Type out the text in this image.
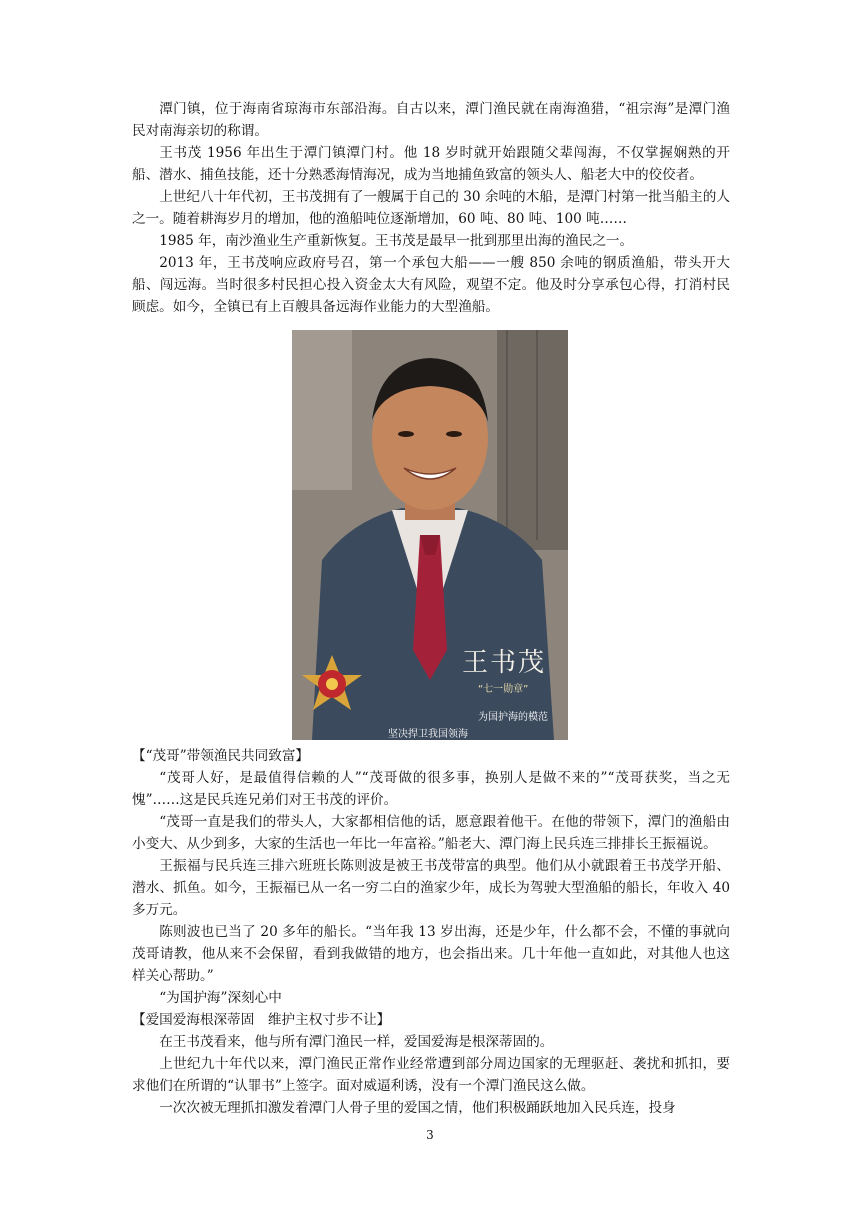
潭门镇，位于海南省琼海市东部沿海。自古以来，潭门渔民就在南海渔猎，“祖宗海”是潭门渔民对南海亲切的称谓。

王书茂 1956 年出生于潭门镇潭门村。他 18 岁时就开始跟随父辈闯海，不仅掌握娴熟的开船、潜水、捕鱼技能，还十分熟悉海情海况，成为当地捕鱼致富的领头人、船老大中的佼佼者。

上世纪八十年代初，王书茂拥有了一艘属于自己的 30 余吨的木船，是潭门村第一批当船主的人之一。随着耕海岁月的增加，他的渔船吨位逐渐增加，60 吨、80 吨、100 吨……

1985 年，南沙渔业生产重新恢复。王书茂是最早一批到那里出海的渔民之一。

2013 年，王书茂响应政府号召，第一个承包大船——一艘 850 余吨的钢质渔船，带头开大船、闯远海。当时很多村民担心投入资金太大有风险，观望不定。他及时分享承包心得，打消村民顾虑。如今，全镇已有上百艘具备远海作业能力的大型渔船。

王书茂
“七一勋章”
为国护海的模范
坚决捍卫我国领海

【“茂哥”带领渔民共同致富】

“茂哥人好，是最值得信赖的人”“茂哥做的很多事，换别人是做不来的”“茂哥获奖，当之无愧”……这是民兵连兄弟们对王书茂的评价。

“茂哥一直是我们的带头人，大家都相信他的话，愿意跟着他干。在他的带领下，潭门的渔船由小变大、从少到多，大家的生活也一年比一年富裕。”船老大、潭门海上民兵连三排排长王振福说。

王振福与民兵连三排六班班长陈则波是被王书茂带富的典型。他们从小就跟着王书茂学开船、潜水、抓鱼。如今，王振福已从一名一穷二白的渔家少年，成长为驾驶大型渔船的船长，年收入 40 多万元。

陈则波也已当了 20 多年的船长。“当年我 13 岁出海，还是少年，什么都不会，不懂的事就向茂哥请教，他从来不会保留，看到我做错的地方，也会指出来。几十年他一直如此，对其他人也这样关心帮助。”

“为国护海”深刻心中

【爱国爱海根深蒂固　维护主权寸步不让】

在王书茂看来，他与所有潭门渔民一样，爱国爱海是根深蒂固的。

上世纪九十年代以来，潭门渔民正常作业经常遭到部分周边国家的无理驱赶、袭扰和抓扣，要求他们在所谓的“认罪书”上签字。面对威逼利诱，没有一个潭门渔民这么做。

一次次被无理抓扣激发着潭门人骨子里的爱国之情，他们积极踊跃地加入民兵连，投身

3
